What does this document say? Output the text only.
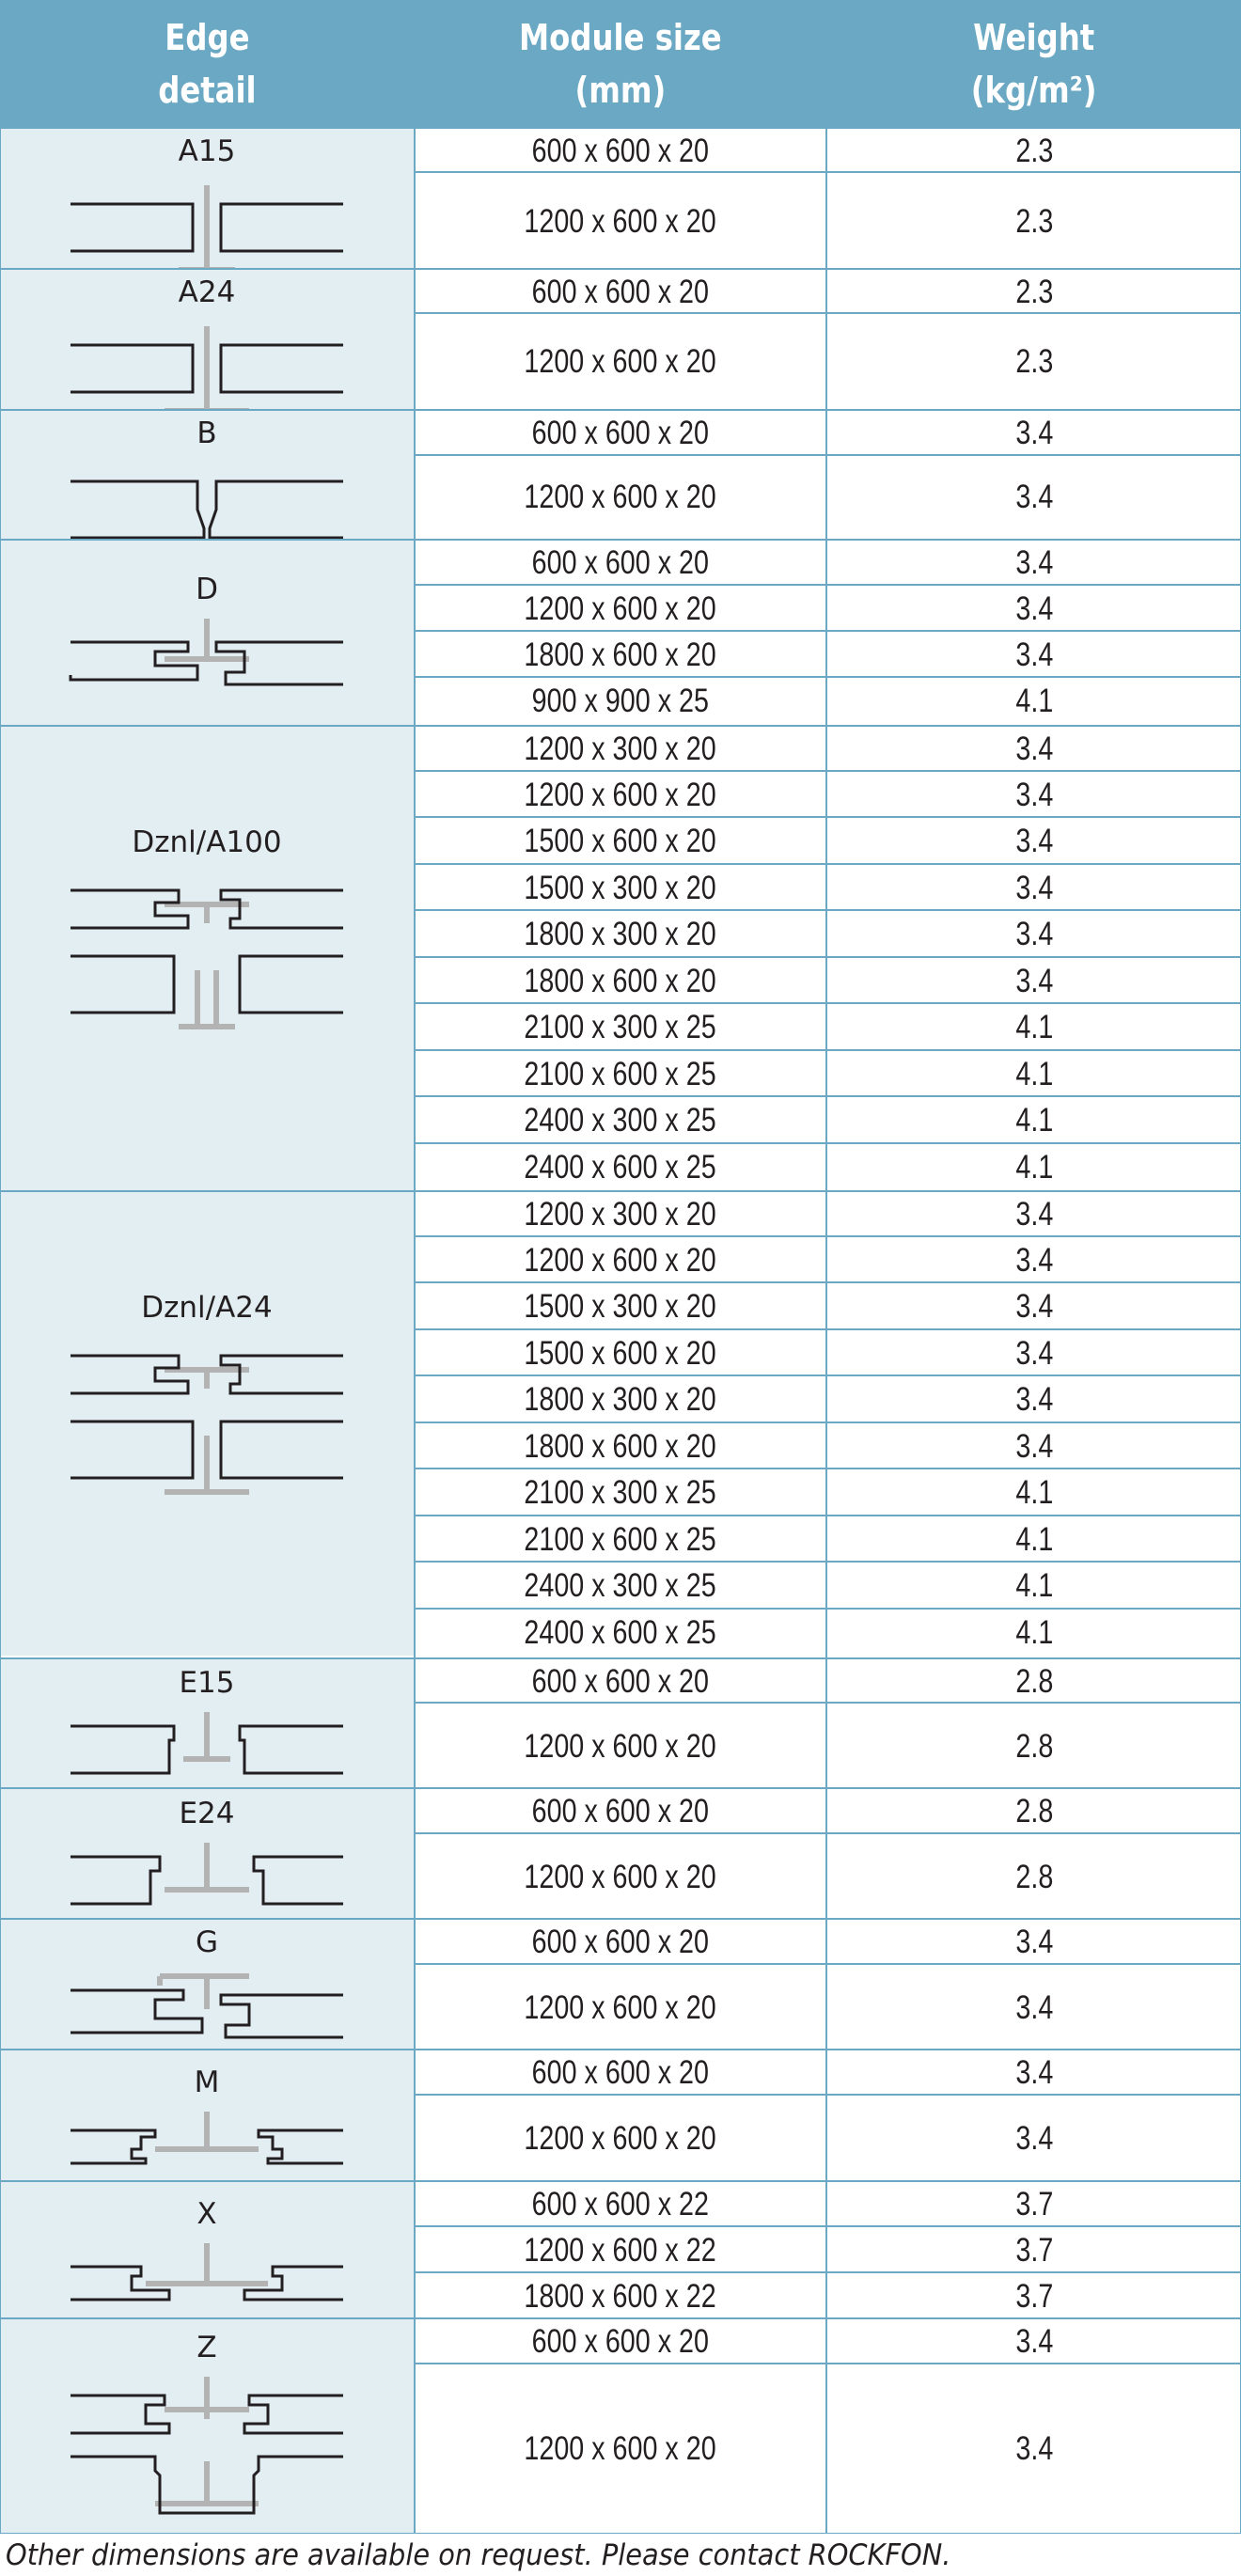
Edge
detail
Module size
(mm)
Weight
(kg/m²)
A15	600 x 600 x 20	2.3
1200 x 600 x 20	2.3
A24	600 x 600 x 20	2.3
1200 x 600 x 20	2.3
B	600 x 600 x 20	3.4
1200 x 600 x 20	3.4
D
600 x 600 x 20	3.4
1200 x 600 x 20	3.4
1800 x 600 x 20	3.4
900 x 900 x 25	4.1
Dznl/A100
1200 x 300 x 20	3.4
1200 x 600 x 20	3.4
1500 x 600 x 20	3.4
1500 x 300 x 20	3.4
1800 x 300 x 20	3.4
1800 x 600 x 20	3.4
2100 x 300 x 25	4.1
2100 x 600 x 25	4.1
2400 x 300 x 25	4.1
2400 x 600 x 25	4.1
Dznl/A24
1200 x 300 x 20	3.4
1200 x 600 x 20	3.4
1500 x 300 x 20	3.4
1500 x 600 x 20	3.4
1800 x 300 x 20	3.4
1800 x 600 x 20	3.4
2100 x 300 x 25	4.1
2100 x 600 x 25	4.1
2400 x 300 x 25	4.1
2400 x 600 x 25	4.1
E15	600 x 600 x 20	2.8
1200 x 600 x 20	2.8
E24	600 x 600 x 20	2.8
1200 x 600 x 20	2.8
G	600 x 600 x 20	3.4
1200 x 600 x 20	3.4
M	600 x 600 x 20	3.4
1200 x 600 x 20	3.4
X	600 x 600 x 22	3.7
1200 x 600 x 22	3.7
1800 x 600 x 22	3.7
Z	600 x 600 x 20	3.4
1200 x 600 x 20	3.4
Other dimensions are available on request. Please contact ROCKFON.
